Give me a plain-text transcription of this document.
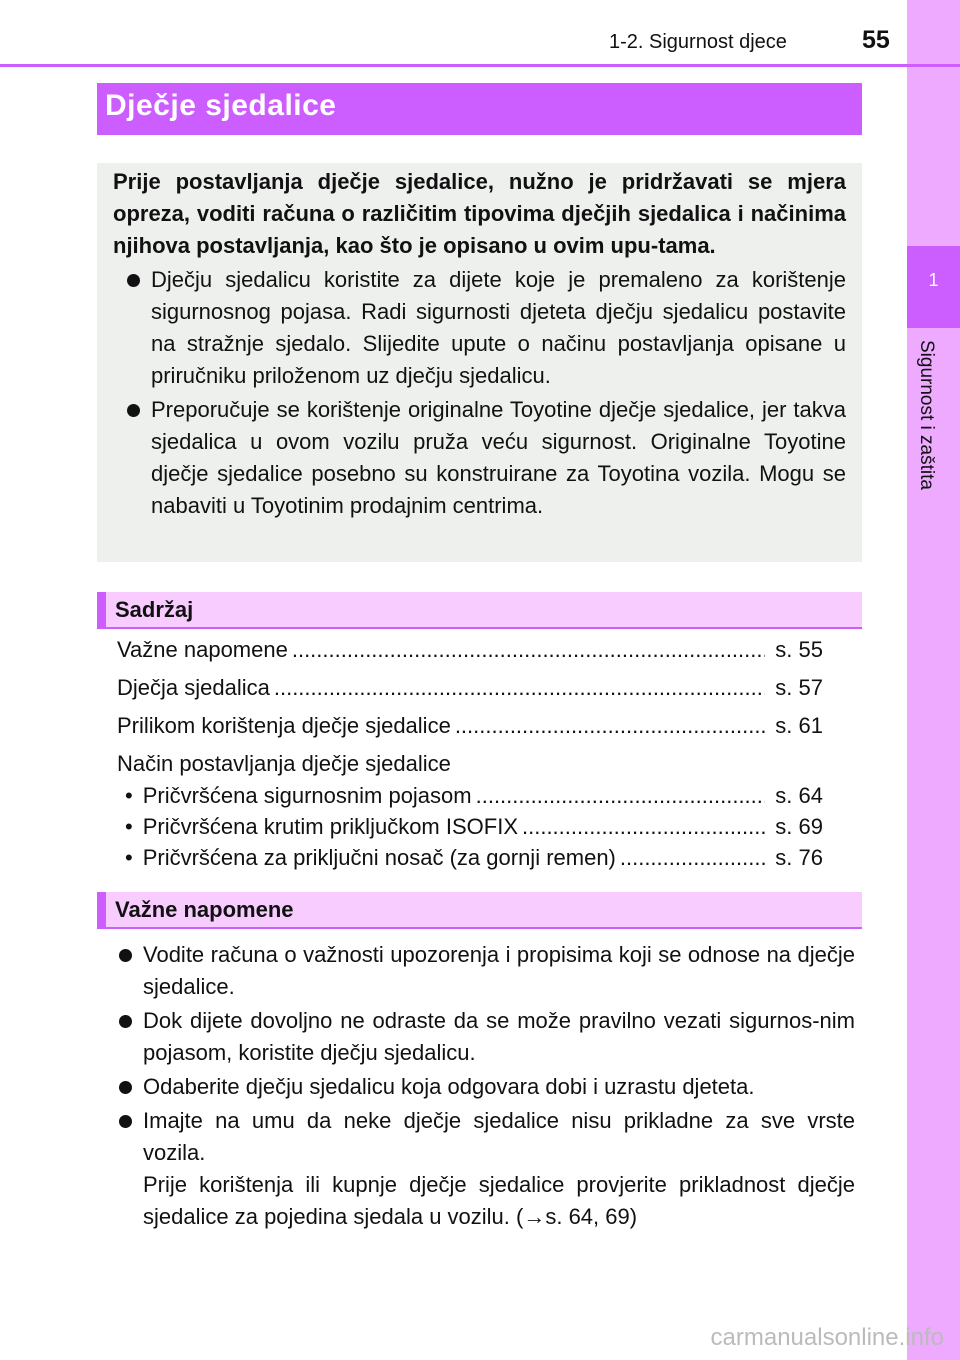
1
Sigurnost i zaštita
1-2. Sigurnost djece	55
Dječje sjedalice
Prije postavljanja dječje sjedalice, nužno je pridržavati se mjera opreza, voditi računa o različitim tipovima dječjih sjedalica i načinima njihova postavljanja, kao što je opisano u ovim upu-tama.
Dječju sjedalicu koristite za dijete koje je premaleno za korištenje sigurnosnog pojasa. Radi sigurnosti djeteta dječju sjedalicu postavite na stražnje sjedalo. Slijedite upute o načinu postavljanja opisane u priručniku priloženom uz dječju sjedalicu.
Preporučuje se korištenje originalne Toyotine dječje sjedalice, jer takva sjedalica u ovom vozilu pruža veću sigurnost. Originalne Toyotine dječje sjedalice posebno su konstruirane za Toyotina vozila. Mogu se nabaviti u Toyotinim prodajnim centrima.
Sadržaj
Važne napomene .....	s. 55
Dječja sjedalica .....	s. 57
Prilikom korištenja dječje sjedalice .....	s. 61
Način postavljanja dječje sjedalice
• Pričvršćena sigurnosnim pojasom .....	s. 64
• Pričvršćena krutim priključkom ISOFIX .....	s. 69
• Pričvršćena za priključni nosač (za gornji remen) .....	s. 76
Važne napomene
Vodite računa o važnosti upozorenja i propisima koji se odnose na dječje sjedalice.
Dok dijete dovoljno ne odraste da se može pravilno vezati sigurnos-nim pojasom, koristite dječju sjedalicu.
Odaberite dječju sjedalicu koja odgovara dobi i uzrastu djeteta.
Imajte na umu da neke dječje sjedalice nisu prikladne za sve vrste vozila.
Prije korištenja ili kupnje dječje sjedalice provjerite prikladnost dječje sjedalice za pojedina sjedala u vozilu. (→s. 64, 69)
carmanualsonline.info
